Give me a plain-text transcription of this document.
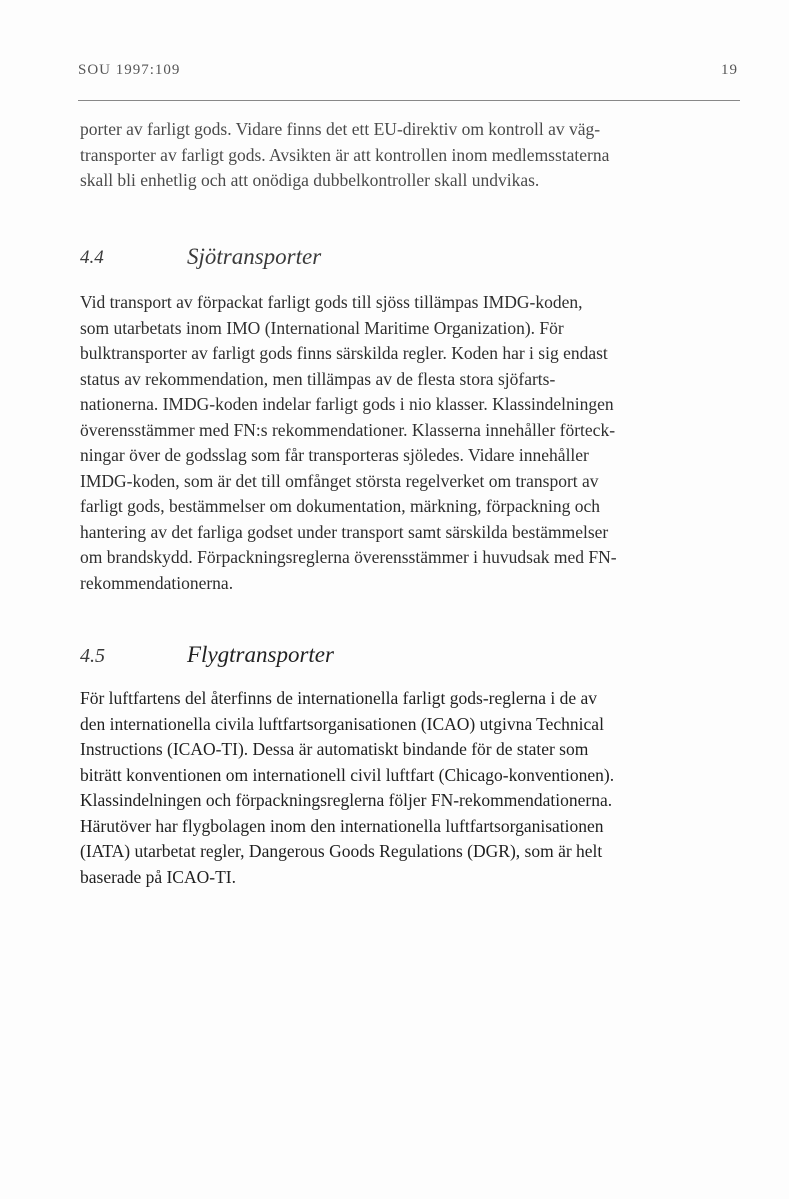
SOU 1997:109	19

porter av farligt gods. Vidare finns det ett EU-direktiv om kontroll av väg-
transporter av farligt gods. Avsikten är att kontrollen inom medlemsstaterna
skall bli enhetlig och att onödiga dubbelkontroller skall undvikas.

4.4	Sjötransporter

Vid transport av förpackat farligt gods till sjöss tillämpas IMDG-koden,
som utarbetats inom IMO (International Maritime Organization). För
bulktransporter av farligt gods finns särskilda regler. Koden har i sig endast
status av rekommendation, men tillämpas av de flesta stora sjöfarts-
nationerna. IMDG-koden indelar farligt gods i nio klasser. Klassindelningen
överensstämmer med FN:s rekommendationer. Klasserna innehåller förteck-
ningar över de godsslag som får transporteras sjöledes. Vidare innehåller
IMDG-koden, som är det till omfånget största regelverket om transport av
farligt gods, bestämmelser om dokumentation, märkning, förpackning och
hantering av det farliga godset under transport samt särskilda bestämmelser
om brandskydd. Förpackningsreglerna överensstämmer i huvudsak med FN-
rekommendationerna.

4.5	Flygtransporter

För luftfartens del återfinns de internationella farligt gods-reglerna i de av
den internationella civila luftfartsorganisationen (ICAO) utgivna Technical
Instructions (ICAO-TI). Dessa är automatiskt bindande för de stater som
biträtt konventionen om internationell civil luftfart (Chicago-konventionen).
Klassindelningen och förpackningsreglerna följer FN-rekommendationerna.
Härutöver har flygbolagen inom den internationella luftfartsorganisationen
(IATA) utarbetat regler, Dangerous Goods Regulations (DGR), som är helt
baserade på ICAO-TI.
